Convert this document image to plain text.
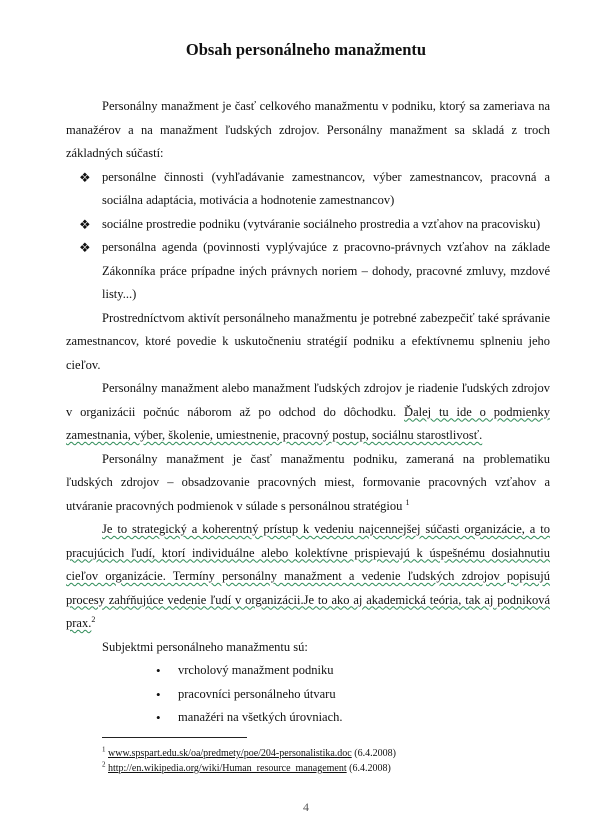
Obsah personálneho manažmentu

Personálny manažment je časť celkového manažmentu v podniku, ktorý sa zameriava na manažérov a na manažment ľudských zdrojov. Personálny manažment sa skladá z troch základných súčastí:

❖ personálne činnosti (vyhľadávanie zamestnancov, výber zamestnancov, pracovná a sociálna adaptácia, motivácia a hodnotenie zamestnancov)
❖ sociálne prostredie podniku (vytváranie sociálneho prostredia a vzťahov na pracovisku)
❖ personálna agenda (povinnosti vyplývajúce z pracovno-právnych vzťahov na základe Zákonníka práce prípadne iných právnych noriem – dohody, pracovné zmluvy, mzdové listy...)

Prostredníctvom aktivít personálneho manažmentu je potrebné zabezpečiť také správanie zamestnancov, ktoré povedie k uskutočneniu stratégií podniku a efektívnemu splneniu jeho cieľov.

Personálny manažment alebo manažment ľudských zdrojov je riadenie ľudských zdrojov v organizácii počnúc náborom až po odchod do dôchodku. Ďalej tu ide o podmienky zamestnania, výber, školenie, umiestnenie, pracovný postup, sociálnu starostlivosť.

Personálny manažment je časť manažmentu podniku, zameraná na problematiku ľudských zdrojov – obsadzovanie pracovných miest, formovanie pracovných vzťahov a utváranie pracovných podmienok v súlade s personálnou stratégiou $^1$

Je to strategický a koherentný prístup k vedeniu najcennejšej súčasti organizácie, a to pracujúcich ľudí, ktorí individuálne alebo kolektívne prispievajú k úspešnému dosiahnutiu cieľov organizácie. Termíny personálny manažment a vedenie ľudských zdrojov popisujú procesy zahŕňujúce vedenie ľudí v organizácii.Je to ako aj akademická teória, tak aj podniková prax.$^2$

Subjektmi personálneho manažmentu sú:

• vrcholový manažment podniku
• pracovníci personálneho útvaru
• manažéri na všetkých úrovniach.
$^1$ www.spspart.edu.sk/oa/predmety/poe/204-personalistika.doc (6.4.2008)
$^2$ http://en.wikipedia.org/wiki/Human_resource_management (6.4.2008)
4
